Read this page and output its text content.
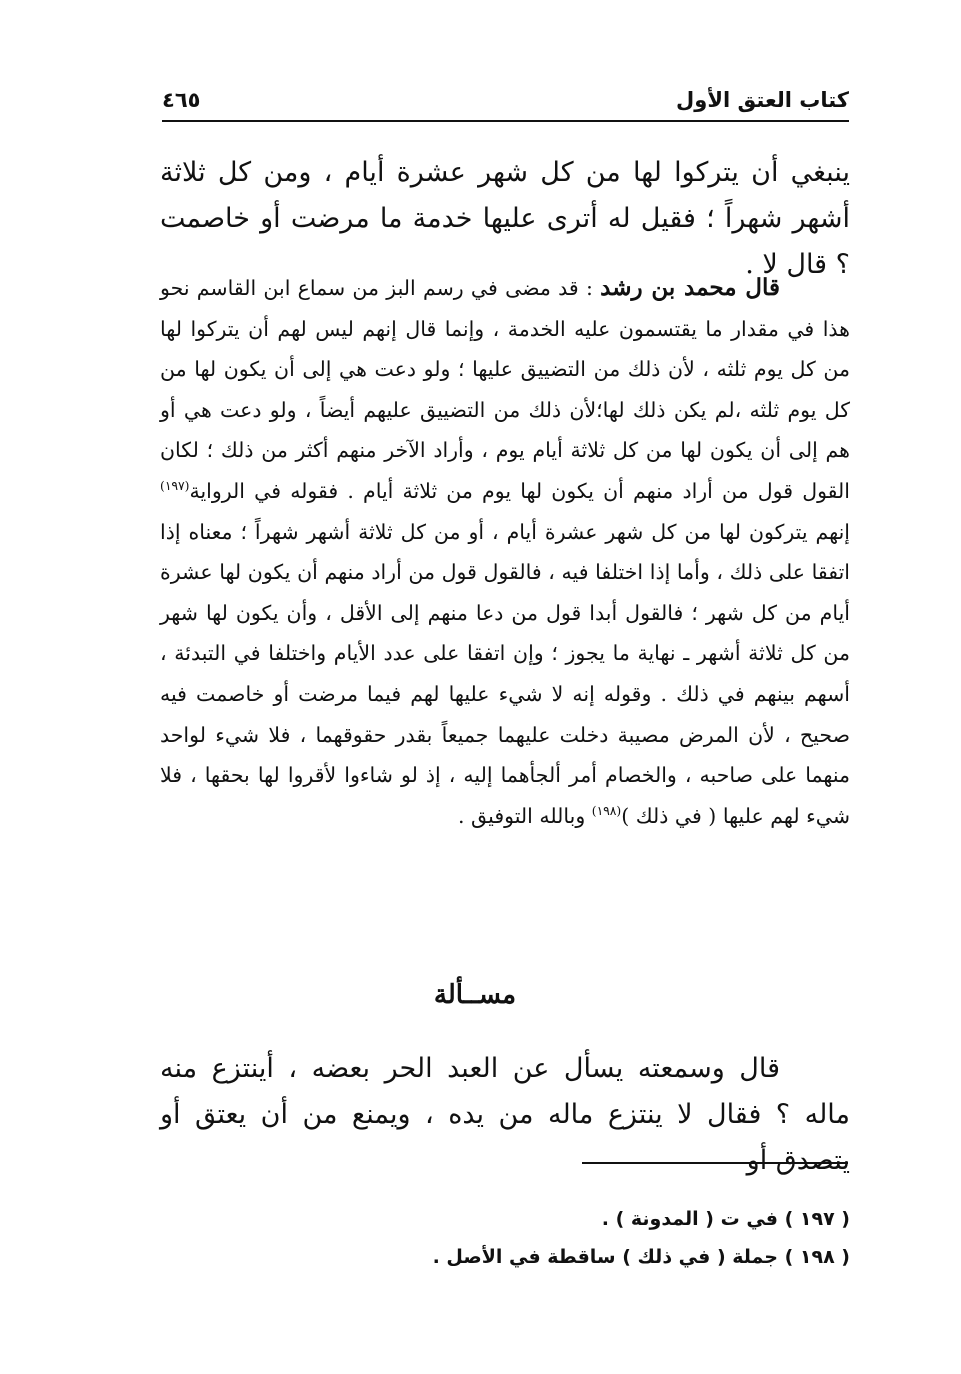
كتاب العتق الأول
٤٦٥

ينبغي أن يتركوا لها من كل شهر عشرة أيام ، ومن كل ثلاثة أشهر شهراً ؛ فقيل له أترى عليها خدمة ما مرضت أو خاصمت ؟ قال لا .

قال محمد بن رشد : قد مضى في رسم البز من سماع ابن القاسم نحو هذا في مقدار ما يقتسمون عليه الخدمة ، وإنما قال إنهم ليس لهم أن يتركوا لها من كل يوم ثلثه ، لأن ذلك من التضييق عليها ؛ ولو دعت هي إلى أن يكون لها من كل يوم ثلثه ،لم يكن ذلك لها؛لأن ذلك من التضييق عليهم أيضاً ، ولو دعت هي أو هم إلى أن يكون لها من كل ثلاثة أيام يوم ، وأراد الآخر منهم أكثر من ذلك ؛ لكان القول قول من أراد منهم أن يكون لها يوم من ثلاثة أيام . فقوله في الرواية$^{(١٩٧)}$ إنهم يتركون لها من كل شهر عشرة أيام ، أو من كل ثلاثة أشهر شهراً ؛ معناه إذا اتفقا على ذلك ، وأما إذا اختلفا فيه ، فالقول قول من أراد منهم أن يكون لها عشرة أيام من كل شهر ؛ فالقول أبدا قول من دعا منهم إلى الأقل ، وأن يكون لها شهر من كل ثلاثة أشهر ـ نهاية ما يجوز ؛ وإن اتفقا على عدد الأيام واختلفا في التبدئة ، أسهم بينهم في ذلك . وقوله إنه لا شيء عليها لهم فيما مرضت أو خاصمت فيه صحيح ، لأن المرض مصيبة دخلت عليهما جميعاً بقدر حقوقهما ، فلا شيء لواحد منهما على صاحبه ، والخصام أمر ألجأهما إليه ، إذ لو شاءوا لأقروا لها بحقها ، فلا شيء لهم عليها ( في ذلك )$^{(١٩٨)}$ وبالله التوفيق .

مســألة

قال وسمعته يسأل عن العبد الحر بعضه ، أينتزع منه ماله ؟ فقال لا ينتزع ماله من يده ، ويمنع من أن يعتق أو يتصدق أو

( ١٩٧ ) في ت ( المدونة ) .
( ١٩٨ ) جملة ( في ذلك ) ساقطة في الأصل .
